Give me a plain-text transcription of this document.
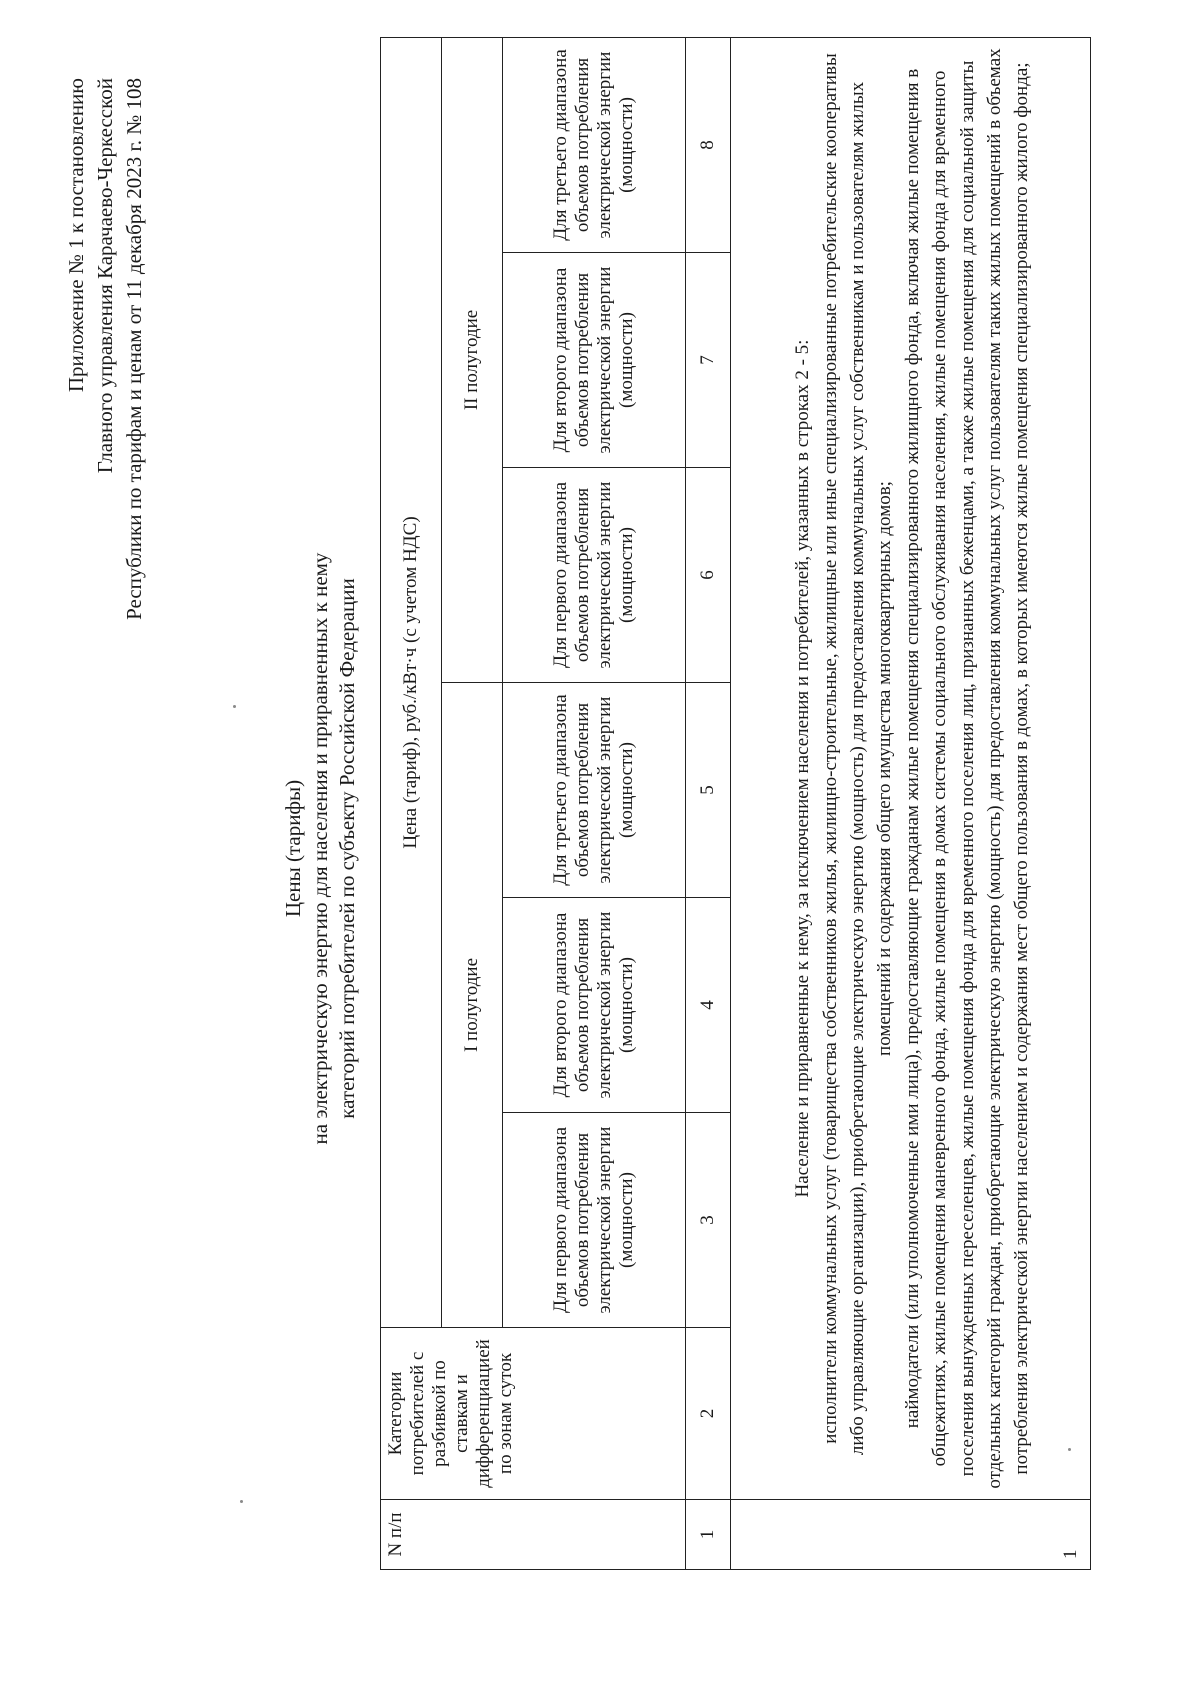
Приложение № 1 к постановлению Главного управления Карачаево-Черкесской Республики по тарифам и ценам от 11 декабря 2023 г. № 108
Цены (тарифы) на электрическую энергию для населения и приравненных к нему категорий потребителей по субъекту Российской Федерации
N п/п	Категории потребителей с разбивкой по ставкам и дифференциацией по зонам суток	Цена (тариф), руб./кВт·ч (с учетом НДС)					
		I полугодие			II полугодие		
		Для первого диапазона объемов потребления электрической энергии (мощности)	Для второго диапазона объемов потребления электрической энергии (мощности)	Для третьего диапазона объемов потребления электрической энергии (мощности)	Для первого диапазона объемов потребления электрической энергии (мощности)	Для второго диапазона объемов потребления электрической энергии (мощности)	Для третьего диапазона объемов потребления электрической энергии (мощности)
1	2	3	4	5	6	7	8
1	Население и приравненные к нему, за исключением населения и потребителей, указанных в строках 2 - 5: исполнители коммунальных услуг (товарищества собственников жилья, жилищно-строительные, жилищные или иные специализированные потребительские кооперативы либо управляющие организации), приобретающие электрическую энергию (мощность) для предоставления коммунальных услуг собственникам и пользователям жилых помещений и содержания общего имущества многоквартирных домов; наймодатели (или уполномоченные ими лица), предоставляющие гражданам жилые помещения специализированного жилищного фонда, включая жилые помещения в общежитиях, жилые помещения маневренного фонда, жилые помещения в домах системы социального обслуживания населения, жилые помещения фонда для временного поселения вынужденных переселенцев, жилые помещения фонда для временного поселения лиц, признанных беженцами, а также жилые помещения для социальной защиты отдельных категорий граждан, приобретающие электрическую энергию (мощность) для предоставления коммунальных услуг пользователям таких жилых помещений в объемах потребления электрической энергии населением и содержания мест общего пользования в домах, в которых имеются жилые помещения специализированного жилого фонда;						
